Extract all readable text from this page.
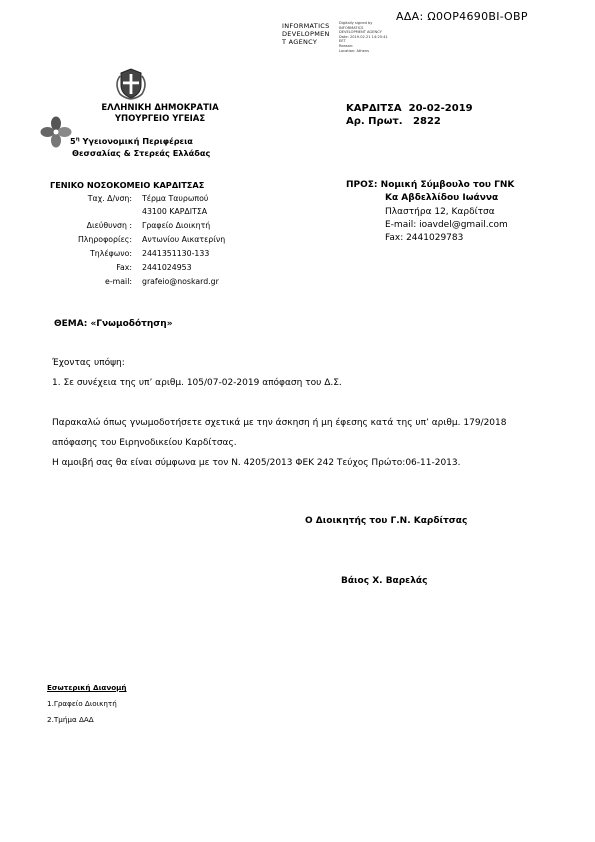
ΑΔΑ: Ω0ΟΡ4690ΒΙ-ΟΒΡ
INFORMATICS
DEVELOPMEN
T AGENCY
Digitally signed by
INFORMATICS
DEVELOPMENT AGENCY
Date: 2019.02.21 14:25:41
EET
Reason:
Location: Athens
ΕΛΛΗΝΙΚΗ ΔΗΜΟΚΡΑΤΙΑ
ΥΠΟΥΡΓΕΙΟ ΥΓΕΙΑΣ
$5^\eta$ Υγειονομική Περιφέρεια
Θεσσαλίας & Στερεάς Ελλάδας
ΚΑΡΔΙΤΣΑ 20-02-2019
Αρ. Πρωτ. 2822
ΓΕΝΙΚΟ ΝΟΣΟΚΟΜΕΙΟ ΚΑΡΔΙΤΣΑΣ
Ταχ. Δ/νση: Τέρμα Ταυρωπού
43100 ΚΑΡΔΙΤΣΑ
Διεύθυνση : Γραφείο Διοικητή
Πληροφορίες: Αντωνίου Αικατερίνη
Τηλέφωνο: 2441351130-133
Fax: 2441024953
e-mail: grafeio@noskard.gr
ΠΡΟΣ: Νομική Σύμβουλο του ΓΝΚ
Κα Αβδελλίδου Ιωάννα
Πλαστήρα 12, Καρδίτσα
E-mail: ioavdel@gmail.com
Fax: 2441029783
ΘΕΜΑ: «Γνωμοδότηση»
Έχοντας υπόψη:
1. Σε συνέχεια της υπ’ αριθμ. 105/07-02-2019 απόφαση του Δ.Σ.
Παρακαλώ όπως γνωμοδοτήσετε σχετικά με την άσκηση ή μη έφεσης κατά της υπ’ αριθμ. 179/2018
απόφασης του Ειρηνοδικείου Καρδίτσας.
Η αμοιβή σας θα είναι σύμφωνα με τον Ν. 4205/2013 ΦΕΚ 242 Τεύχος Πρώτο:06-11-2013.
Ο Διοικητής του Γ.Ν. Καρδίτσας
Βάιος Χ. Βαρελάς
Εσωτερική Διανομή
1.Γραφείο Διοικητή
2.Τμήμα ΔΑΔ
